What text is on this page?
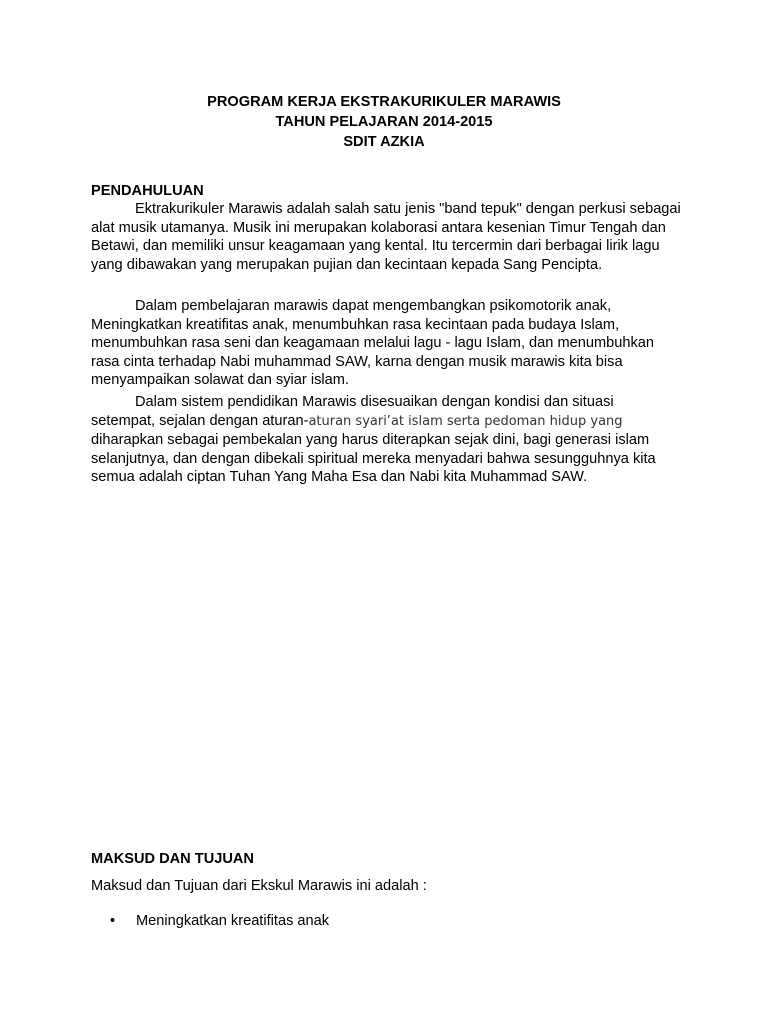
PROGRAM KERJA EKSTRAKURIKULER MARAWIS
TAHUN PELAJARAN 2014-2015
SDIT AZKIA
PENDAHULUAN

Ektrakurikuler Marawis adalah salah satu jenis "band tepuk" dengan perkusi sebagai alat musik utamanya. Musik ini merupakan kolaborasi antara kesenian Timur Tengah dan Betawi, dan memiliki unsur keagamaan yang kental. Itu tercermin dari berbagai lirik lagu yang dibawakan yang merupakan pujian dan kecintaan kepada Sang Pencipta.

Dalam pembelajaran marawis dapat mengembangkan psikomotorik anak, Meningkatkan kreatifitas anak, menumbuhkan rasa kecintaan pada budaya Islam, menumbuhkan rasa seni dan keagamaan melalui lagu - lagu Islam, dan menumbuhkan rasa cinta terhadap Nabi muhammad SAW, karna dengan musik marawis kita bisa menyampaikan solawat dan syiar islam.

Dalam sistem pendidikan Marawis disesuaikan dengan kondisi dan situasi setempat, sejalan dengan aturan-aturan syari’at islam serta pedoman hidup yang diharapkan sebagai pembekalan yang harus diterapkan sejak dini, bagi generasi islam selanjutnya, dan dengan dibekali spiritual mereka menyadari bahwa sesungguhnya kita semua adalah ciptan Tuhan Yang Maha Esa dan Nabi kita Muhammad SAW.

MAKSUD DAN TUJUAN
Maksud dan Tujuan dari Ekskul Marawis ini adalah :
• Meningkatkan kreatifitas anak
